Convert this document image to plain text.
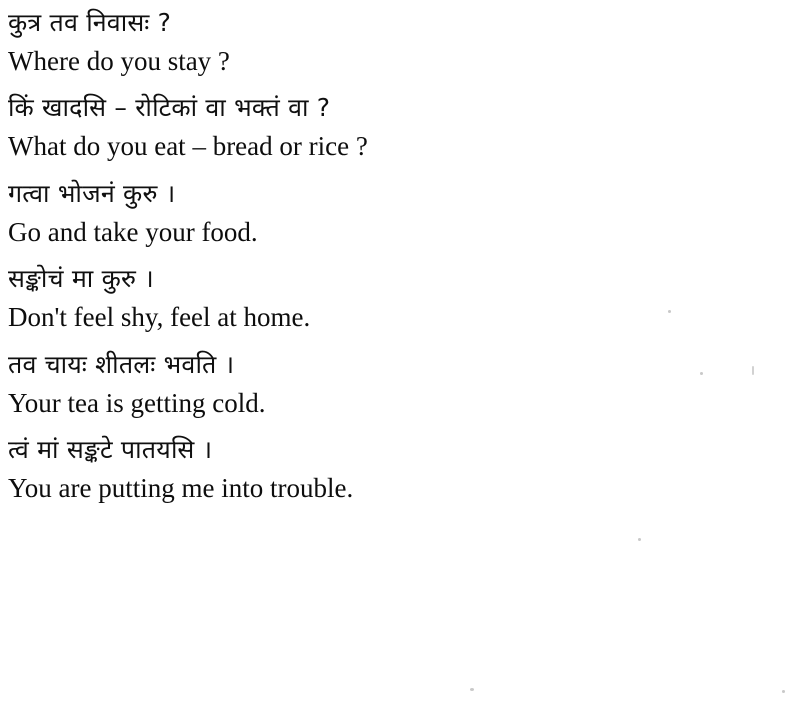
कुत्र तव निवासः ?

Where do you stay ?

किं खादसि – रोटिकां वा भक्तं वा ?

What do you eat – bread or rice ?

गत्वा भोजनं कुरु ।

Go and take your food.

सङ्कोचं मा कुरु ।

Don't feel shy, feel at home.

तव चायः शीतलः भवति ।

Your tea is getting cold.

त्वं मां सङ्कटे पातयसि ।

You are putting me into trouble.
